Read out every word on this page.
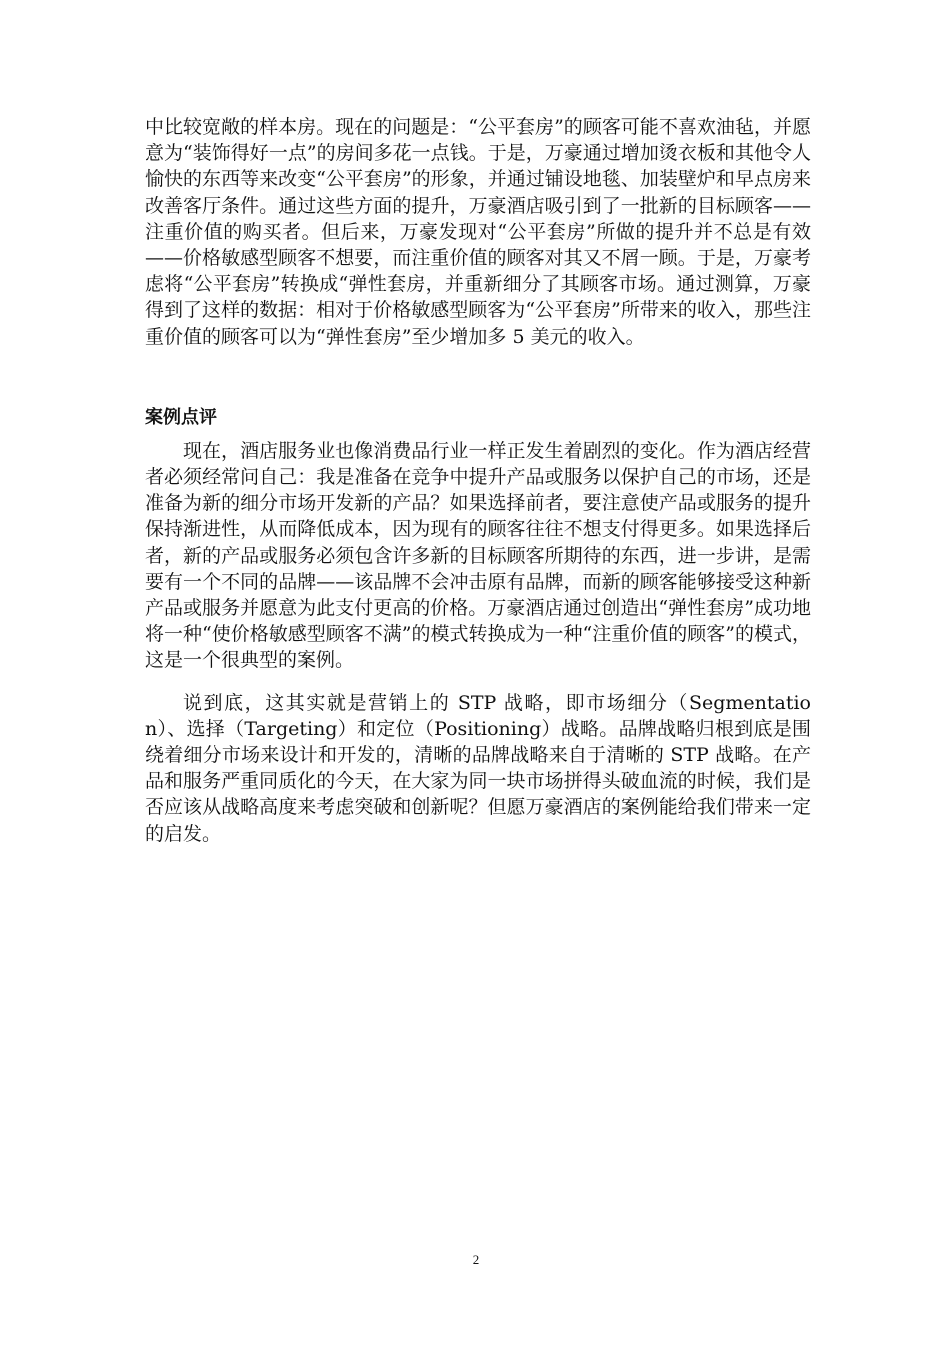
中比较宽敞的样本房。现在的问题是：“公平套房”的顾客可能不喜欢油毡，并愿意为“装饰得好一点”的房间多花一点钱。于是，万豪通过增加烫衣板和其他令人愉快的东西等来改变“公平套房”的形象，并通过铺设地毯、加装壁炉和早点房来改善客厅条件。通过这些方面的提升，万豪酒店吸引到了一批新的目标顾客——注重价值的购买者。但后来，万豪发现对“公平套房”所做的提升并不总是有效——价格敏感型顾客不想要，而注重价值的顾客对其又不屑一顾。于是，万豪考虑将“公平套房”转换成“弹性套房，并重新细分了其顾客市场。通过测算，万豪得到了这样的数据：相对于价格敏感型顾客为“公平套房”所带来的收入，那些注重价值的顾客可以为“弹性套房”至少增加多 5 美元的收入。

案例点评

现在，酒店服务业也像消费品行业一样正发生着剧烈的变化。作为酒店经营者必须经常问自己：我是准备在竞争中提升产品或服务以保护自己的市场，还是准备为新的细分市场开发新的产品？如果选择前者，要注意使产品或服务的提升保持渐进性，从而降低成本，因为现有的顾客往往不想支付得更多。如果选择后者，新的产品或服务必须包含许多新的目标顾客所期待的东西，进一步讲，是需要有一个不同的品牌——该品牌不会冲击原有品牌，而新的顾客能够接受这种新产品或服务并愿意为此支付更高的价格。万豪酒店通过创造出“弹性套房”成功地将一种“使价格敏感型顾客不满”的模式转换成为一种“注重价值的顾客”的模式，这是一个很典型的案例。

说到底，这其实就是营销上的 STP 战略，即市场细分（Segmentation）、选择（Targeting）和定位（Positioning）战略。品牌战略归根到底是围绕着细分市场来设计和开发的，清晰的品牌战略来自于清晰的 STP 战略。在产品和服务严重同质化的今天，在大家为同一块市场拼得头破血流的时候，我们是否应该从战略高度来考虑突破和创新呢？但愿万豪酒店的案例能给我们带来一定的启发。

2
